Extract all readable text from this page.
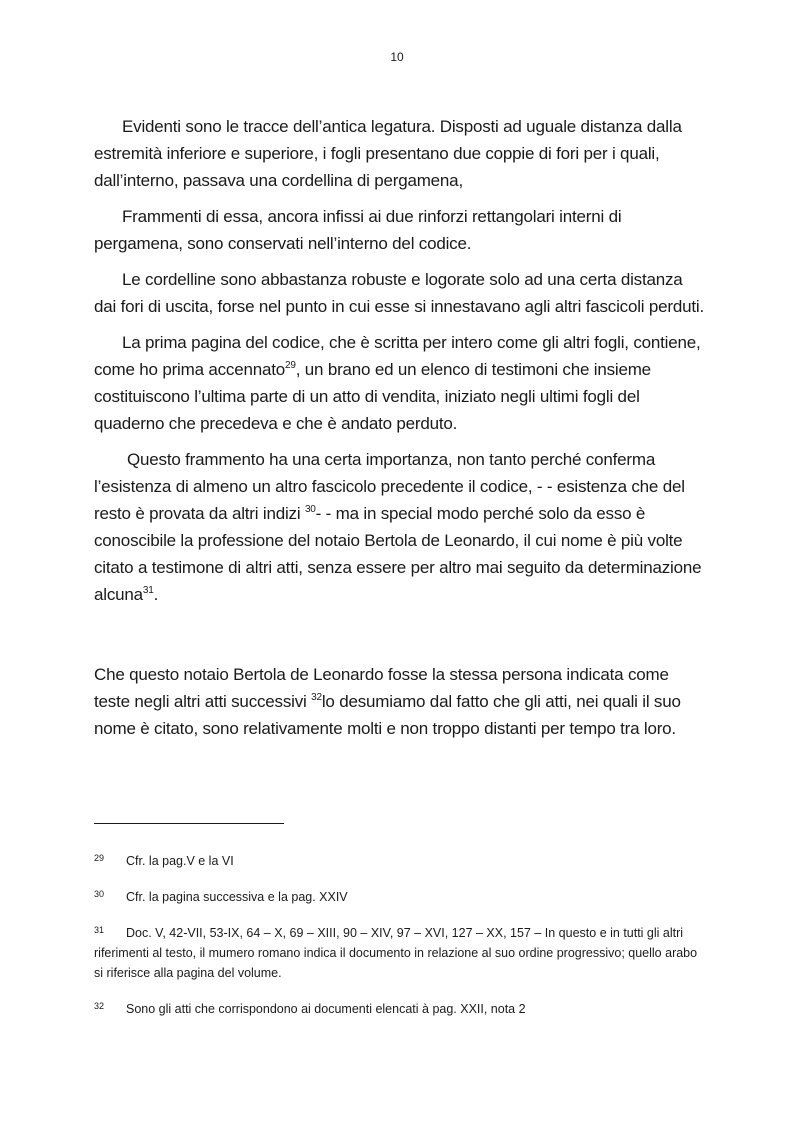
10

Evidenti sono le tracce dell’antica legatura. Disposti ad uguale distanza dalla estremità inferiore e superiore, i fogli presentano due coppie di fori per i quali, dall’interno, passava una cordellina di pergamena,

Frammenti di essa, ancora infissi ai due rinforzi rettangolari interni di pergamena, sono conservati nell’interno del codice.

Le cordelline sono abbastanza robuste e logorate solo ad una certa distanza dai fori di uscita, forse nel punto in cui esse si innestavano agli altri fascicoli perduti.

La prima pagina del codice, che è scritta per intero come gli altri fogli, contiene, come ho prima accennato$^{29}$, un brano ed un elenco di testimoni che insieme costituiscono l’ultima parte di un atto di vendita, iniziato negli ultimi fogli del quaderno che precedeva e che è andato perduto.

Questo frammento ha una certa importanza, non tanto perché conferma l’esistenza di almeno un altro fascicolo precedente il codice, - - esistenza che del resto è provata da altri indizi $^{30}$- - ma in special modo perché solo da esso è conoscibile la professione del notaio Bertola de Leonardo, il cui nome è più volte citato a testimone di altri atti, senza essere per altro mai seguito da determinazione alcuna$^{31}$.

Che questo notaio Bertola de Leonardo fosse la stessa persona indicata come teste negli altri atti successivi $^{32}$lo desumiamo dal fatto che gli atti, nei quali il suo nome è citato, sono relativamente molti e non troppo distanti per tempo tra loro.

29 Cfr. la pag.V e la VI
30 Cfr. la pagina successiva e la pag. XXIV
31 Doc. V, 42-VII, 53-IX, 64 – X, 69 – XIII, 90 – XIV, 97 – XVI, 127 – XX, 157 – In questo e in tutti gli altri riferimenti al testo, il mumero romano indica il documento in relazione al suo ordine progressivo; quello arabo si riferisce alla pagina del volume.
32 Sono gli atti che corrispondono ai documenti elencati à pag. XXII, nota 2
